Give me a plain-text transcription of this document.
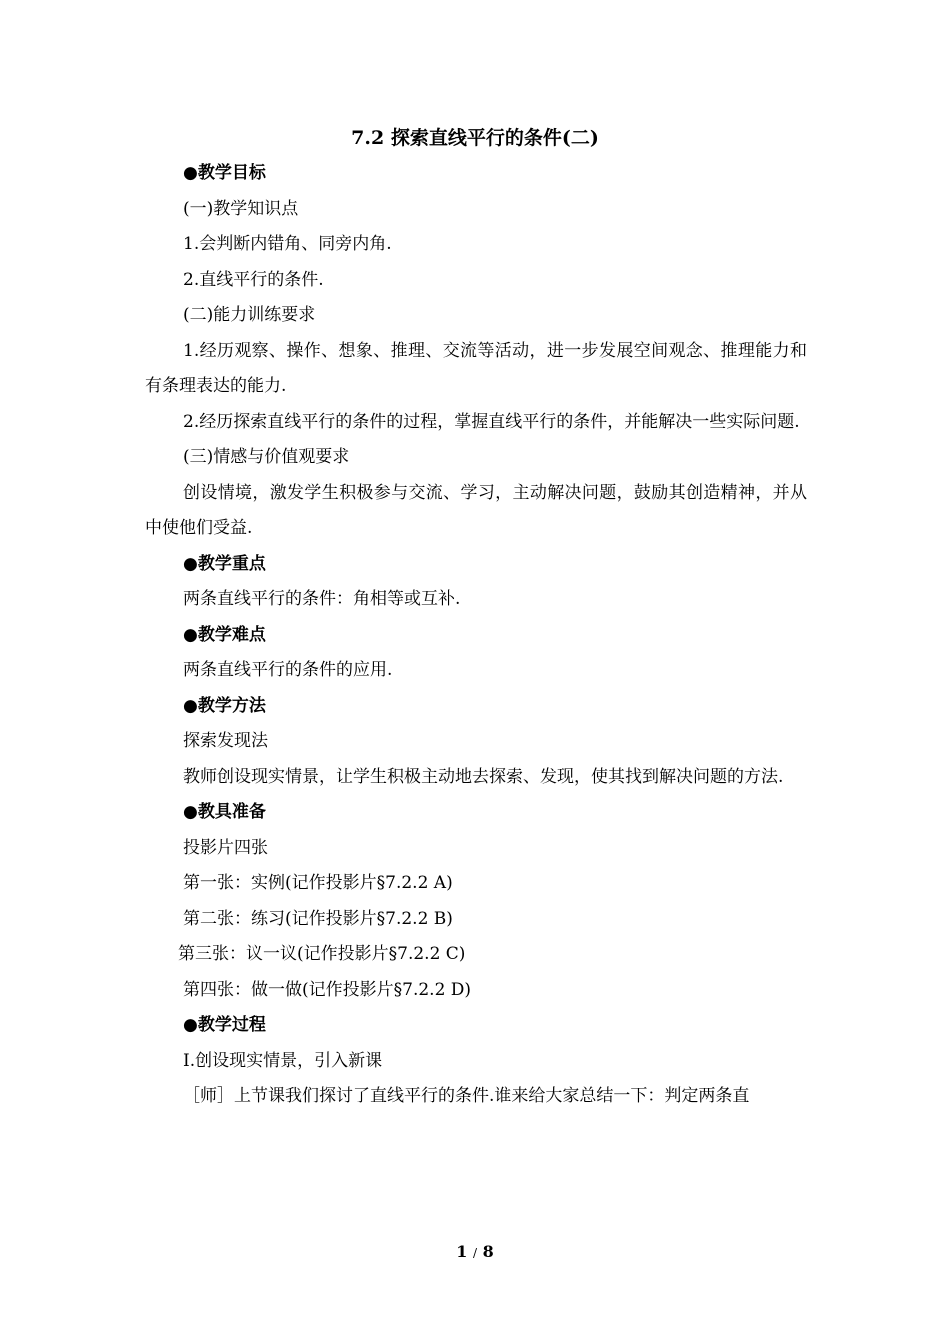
7.2 探索直线平行的条件(二)

●教学目标

(一)教学知识点

1.会判断内错角、同旁内角.

2.直线平行的条件.

(二)能力训练要求

1.经历观察、操作、想象、推理、交流等活动，进一步发展空间观念、推理能力和有条理表达的能力.

2.经历探索直线平行的条件的过程，掌握直线平行的条件，并能解决一些实际问题.

(三)情感与价值观要求

创设情境，激发学生积极参与交流、学习，主动解决问题，鼓励其创造精神，并从中使他们受益.

●教学重点

两条直线平行的条件：角相等或互补.

●教学难点

两条直线平行的条件的应用.

●教学方法

探索发现法

教师创设现实情景，让学生积极主动地去探索、发现，使其找到解决问题的方法.

●教具准备

投影片四张

第一张：实例(记作投影片§7.2.2 A)

第二张：练习(记作投影片§7.2.2 B)

第三张：议一议(记作投影片§7.2.2 C)

第四张：做一做(记作投影片§7.2.2 D)

●教学过程

Ⅰ.创设现实情景，引入新课

［师］上节课我们探讨了直线平行的条件.谁来给大家总结一下：判定两条直

1 / 8
